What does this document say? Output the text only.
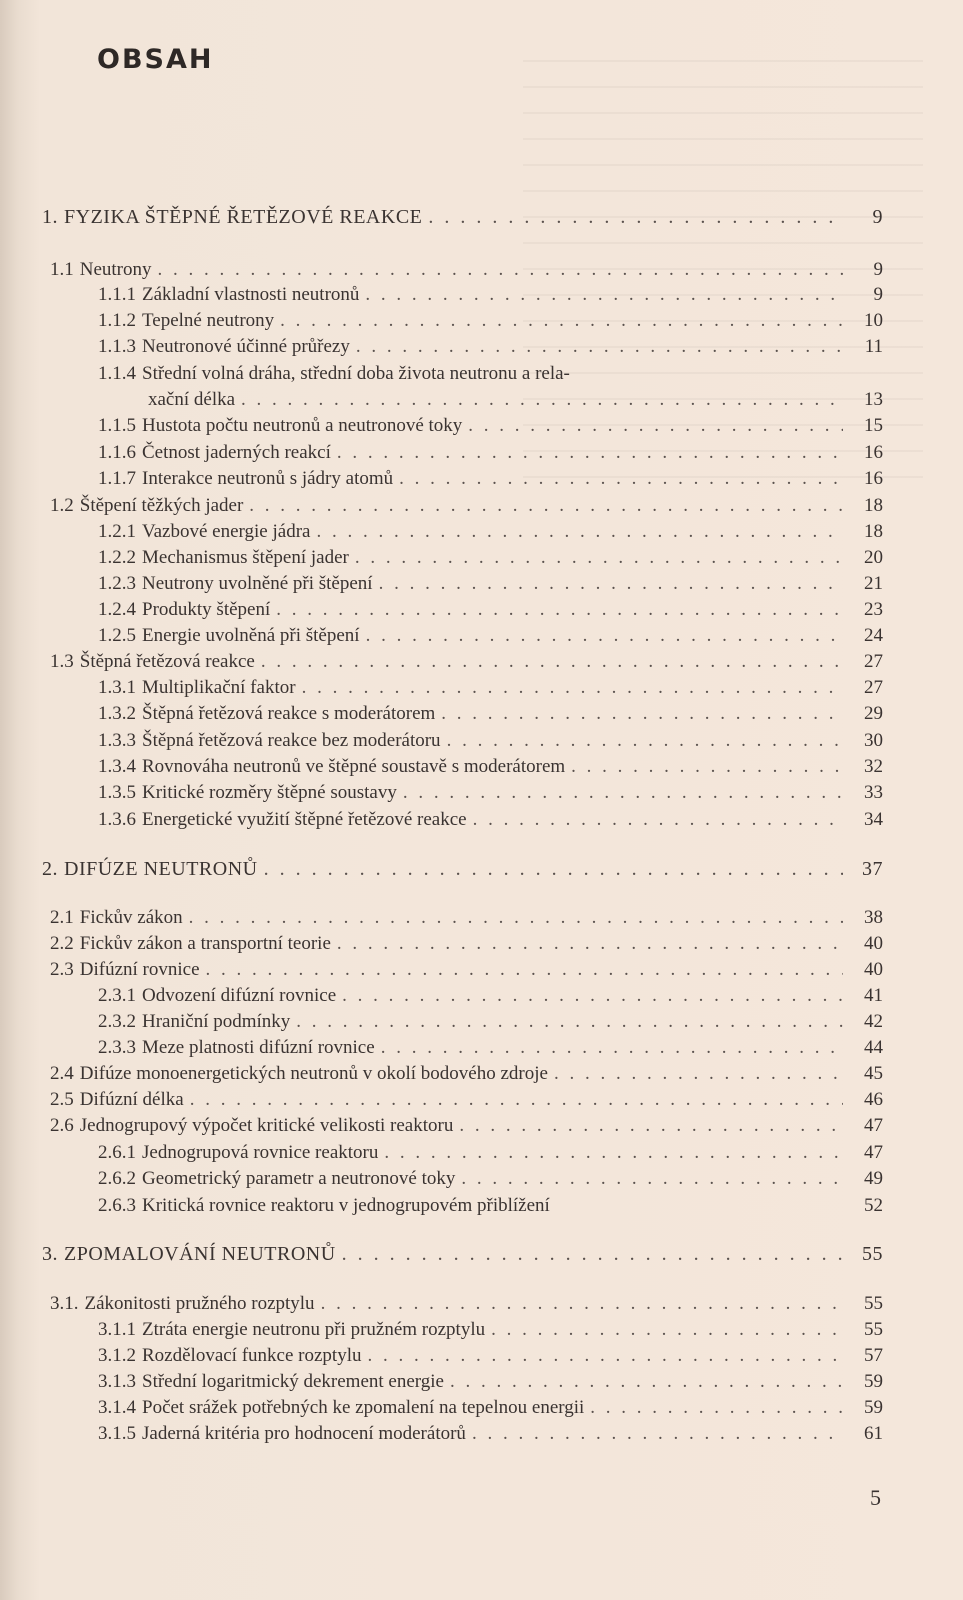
OBSAH
1. FYZIKA ŠTĚPNÉ ŘETĚZOVÉ REAKCE . . .	9
1.1 Neutrony . . .	9
1.1.1 Základní vlastnosti neutronů . . .	9
1.1.2 Tepelné neutrony . . .	10
1.1.3 Neutronové účinné průřezy . . .	11
1.1.4 Střední volná dráha, střední doba života neutronu a rela-
xační délka . . .	13
1.1.5 Hustota počtu neutronů a neutronové toky . . .	15
1.1.6 Četnost jaderných reakcí . . .	16
1.1.7 Interakce neutronů s jádry atomů . . .	16
1.2 Štěpení těžkých jader . . .	18
1.2.1 Vazbové energie jádra . . .	18
1.2.2 Mechanismus štěpení jader . . .	20
1.2.3 Neutrony uvolněné při štěpení . . .	21
1.2.4 Produkty štěpení . . .	23
1.2.5 Energie uvolněná při štěpení . . .	24
1.3 Štěpná řetězová reakce . . .	27
1.3.1 Multiplikační faktor . . .	27
1.3.2 Štěpná řetězová reakce s moderátorem . . .	29
1.3.3 Štěpná řetězová reakce bez moderátoru . . .	30
1.3.4 Rovnováha neutronů ve štěpné soustavě s moderátorem . . .	32
1.3.5 Kritické rozměry štěpné soustavy . . .	33
1.3.6 Energetické využití štěpné řetězové reakce . . .	34
2. DIFÚZE NEUTRONŮ . . .	37
2.1 Fickův zákon . . .	38
2.2 Fickův zákon a transportní teorie . . .	40
2.3 Difúzní rovnice . . .	40
2.3.1 Odvození difúzní rovnice . . .	41
2.3.2 Hraniční podmínky . . .	42
2.3.3 Meze platnosti difúzní rovnice . . .	44
2.4 Difúze monoenergetických neutronů v okolí bodového zdroje . . .	45
2.5 Difúzní délka . . .	46
2.6 Jednogrupový výpočet kritické velikosti reaktoru . . .	47
2.6.1 Jednogrupová rovnice reaktoru . . .	47
2.6.2 Geometrický parametr a neutronové toky . . .	49
2.6.3 Kritická rovnice reaktoru v jednogrupovém přiblížení	52
3. ZPOMALOVÁNÍ NEUTRONŮ . . .	55
3.1. Zákonitosti pružného rozptylu . . .	55
3.1.1 Ztráta energie neutronu při pružném rozptylu . . .	55
3.1.2 Rozdělovací funkce rozptylu . . .	57
3.1.3 Střední logaritmický dekrement energie . . .	59
3.1.4 Počet srážek potřebných ke zpomalení na tepelnou energii . . .	59
3.1.5 Jaderná kritéria pro hodnocení moderátorů . . .	61
5
